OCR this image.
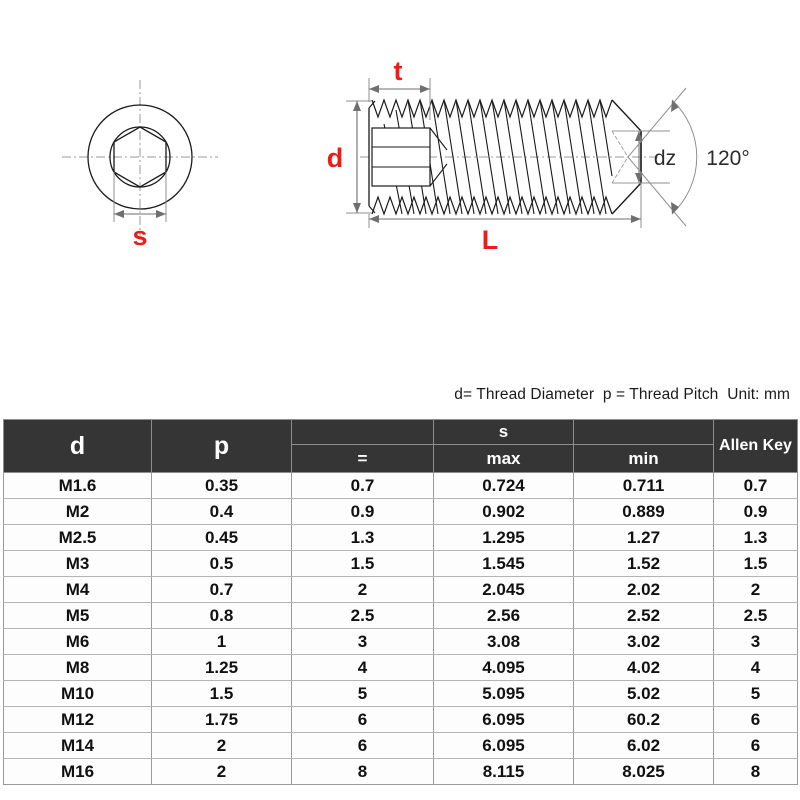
s
t
d
L
dz 120°
d= Thread Diameter  p = Thread Pitch  Unit: mm
d	p		s		Allen Key
		=	max	min	
M1.6	0.35	0.7	0.724	0.711	0.7
M2	0.4	0.9	0.902	0.889	0.9
M2.5	0.45	1.3	1.295	1.27	1.3
M3	0.5	1.5	1.545	1.52	1.5
M4	0.7	2	2.045	2.02	2
M5	0.8	2.5	2.56	2.52	2.5
M6	1	3	3.08	3.02	3
M8	1.25	4	4.095	4.02	4
M10	1.5	5	5.095	5.02	5
M12	1.75	6	6.095	60.2	6
M14	2	6	6.095	6.02	6
M16	2	8	8.115	8.025	8
